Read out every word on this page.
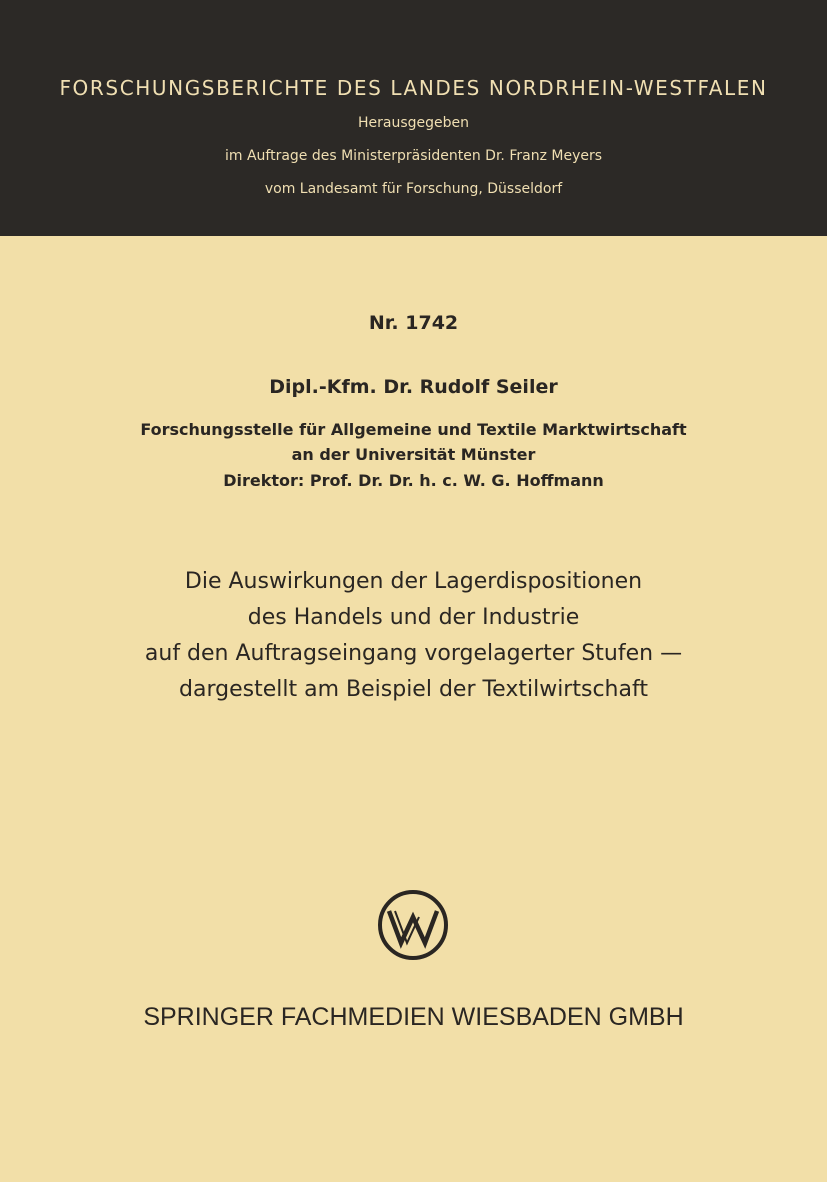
FORSCHUNGSBERICHTE DES LANDES NORDRHEIN-WESTFALEN
Herausgegeben
im Auftrage des Ministerpräsidenten Dr. Franz Meyers
vom Landesamt für Forschung, Düsseldorf
Nr. 1742
Dipl.-Kfm. Dr. Rudolf Seiler
Forschungsstelle für Allgemeine und Textile Marktwirtschaft
an der Universität Münster
Direktor: Prof. Dr. Dr. h. c. W. G. Hoffmann
Die Auswirkungen der Lagerdispositionen
des Handels und der Industrie
auf den Auftragseingang vorgelagerter Stufen —
dargestellt am Beispiel der Textilwirtschaft
SPRINGER FACHMEDIEN WIESBADEN GMBH
